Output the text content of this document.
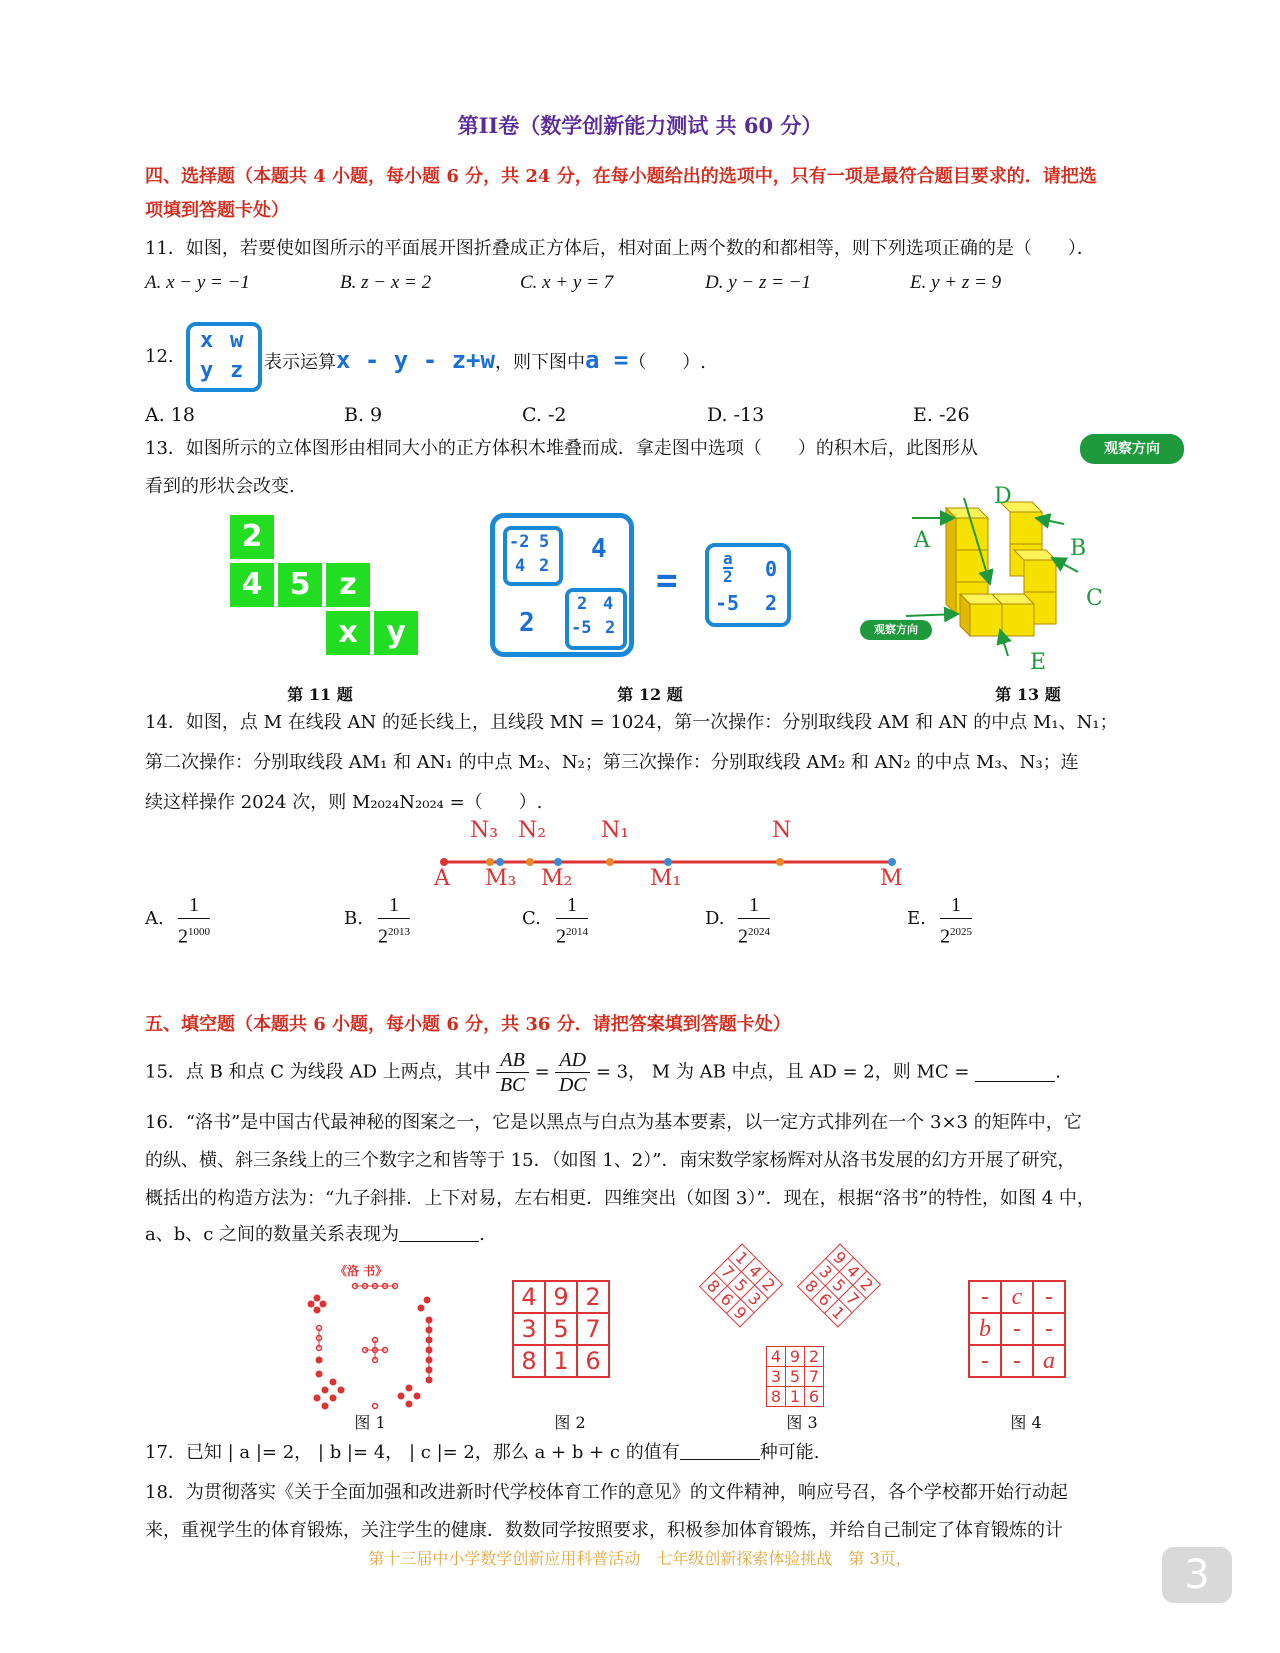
第II卷（数学创新能力测试 共 60 分）
四、选择题（本题共 4 小题，每小题 6 分，共 24 分，在每小题给出的选项中，只有一项是最符合题目要求的．请把选
项填到答题卡处）
11．如图，若要使如图所示的平面展开图折叠成正方体后，相对面上两个数的和都相等，则下列选项正确的是（　　）．
A. x − y = −1	B. z − x = 2	C. x + y = 7	D. y − z = −1	E. y + z = 9
12.
x w
y z 表示运算x - y - z+w，则下图中a =（　　）.
A. 18	B. 9	C. -2	D. -13	E. -26
13．如图所示的立体图形由相同大小的正方体积木堆叠而成．拿走图中选项（　　）的积木后，此图形从	观察方向
看到的形状会改变.
2
4 5 z
x y
第 11 题
-2 5
4 2
4
2
2 4
-5 2
=	$\frac{a}{2} 0$
-5 2
第 12 题
A	B
C
D
E
观察方向
第 13 题
14．如图，点 M 在线段 AN 的延长线上，且线段 MN = 1024，第一次操作：分别取线段 AM 和 AN 的中点 M₁、N₁；
第二次操作：分别取线段 AM₁ 和 AN₁ 的中点 M₂、N₂；第三次操作：分别取线段 AM₂ 和 AN₂ 的中点 M₃、N₃；连
续这样操作 2024 次，则 M₂₀₂₄N₂₀₂₄ =（　　）.
N₃ N₂ N₁	N
A M₃ M₂	M₁	M
A. $\frac{1}{2^{1000}}$	B. $\frac{1}{2^{2013}}$	C. $\frac{1}{2^{2014}}$	D. $\frac{1}{2^{2024}}$	E. $\frac{1}{2^{2025}}$
五、填空题（本题共 6 小题，每小题 6 分，共 36 分．请把答案填到答题卡处）
15．点 B 和点 C 为线段 AD 上两点，其中 $\frac{AB}{BC} = \frac{AD}{DC} = 3$， M 为 AB 中点，且 AD = 2，则 MC =	.
16．“洛书”是中国古代最神秘的图案之一，它是以黑点与白点为基本要素，以一定方式排列在一个 3×3 的矩阵中，它
的纵、横、斜三条线上的三个数字之和皆等于 15．（如图 1、2）”．南宋数学家杨辉对从洛书发展的幻方开展了研究，
概括出的构造方法为：“九子斜排．上下对易，左右相更．四维突出（如图 3）”．现在，根据“洛书”的特性，如图 4 中，
a、b、c 之间的数量关系表现为	.
《洛 书》
4	9	2
3	5	7
8	1	6
1	4	2
7	5	3
8	6	9
9	4	2
3	5	7
8	6	1
4	9	2
3	5	7
8	1	6
-	c	-
b	-	-
-	-	a
图 1	图 2	图 3	图 4
17．已知 | a |= 2， | b |= 4， | c |= 2，那么 a + b + c 的值有	种可能.
18．为贯彻落实《关于全面加强和改进新时代学校体育工作的意见》的文件精神，响应号召，各个学校都开始行动起
来，重视学生的体育锻炼，关注学生的健康．数数同学按照要求，积极参加体育锻炼，并给自己制定了体育锻炼的计
第十三届中小学数学创新应用科普活动　七年级创新探索体验挑战　第 3页，	3
